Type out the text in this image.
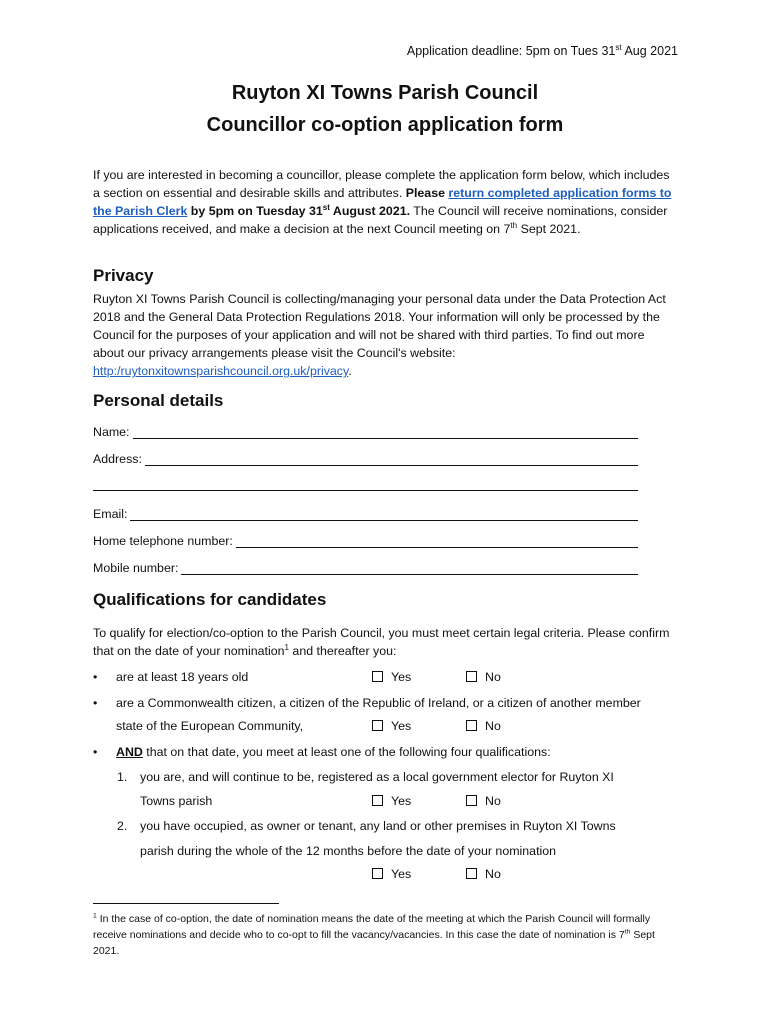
Application deadline: 5pm on Tues 31st Aug 2021
Ruyton XI Towns Parish Council
Councillor co-option application form
If you are interested in becoming a councillor, please complete the application form below, which includes a section on essential and desirable skills and attributes. Please return completed application forms to the Parish Clerk by 5pm on Tuesday 31st August 2021. The Council will receive nominations, consider applications received, and make a decision at the next Council meeting on 7th Sept 2021.
Privacy
Ruyton XI Towns Parish Council is collecting/managing your personal data under the Data Protection Act 2018 and the General Data Protection Regulations 2018. Your information will only be processed by the Council for the purposes of your application and will not be shared with third parties. To find out more about our privacy arrangements please visit the Council's website: http:/ruytonxitownsparishcouncil.org.uk/privacy.
Personal details
Name:
Address:
Email:
Home telephone number:
Mobile number:
Qualifications for candidates
To qualify for election/co-option to the Parish Council, you must meet certain legal criteria. Please confirm that on the date of your nomination$^1$ and thereafter you:
• are at least 18 years old	Yes	No
• are a Commonwealth citizen, a citizen of the Republic of Ireland, or a citizen of another member
state of the European Community,	Yes	No
• AND that on that date, you meet at least one of the following four qualifications:
1. you are, and will continue to be, registered as a local government elector for Ruyton XI
Towns parish	Yes	No
2. you have occupied, as owner or tenant, any land or other premises in Ruyton XI Towns
parish during the whole of the 12 months before the date of your nomination
Yes	No
$^1$ In the case of co-option, the date of nomination means the date of the meeting at which the Parish Council will formally receive nominations and decide who to co-opt to fill the vacancy/vacancies. In this case the date of nomination is 7th Sept 2021.
